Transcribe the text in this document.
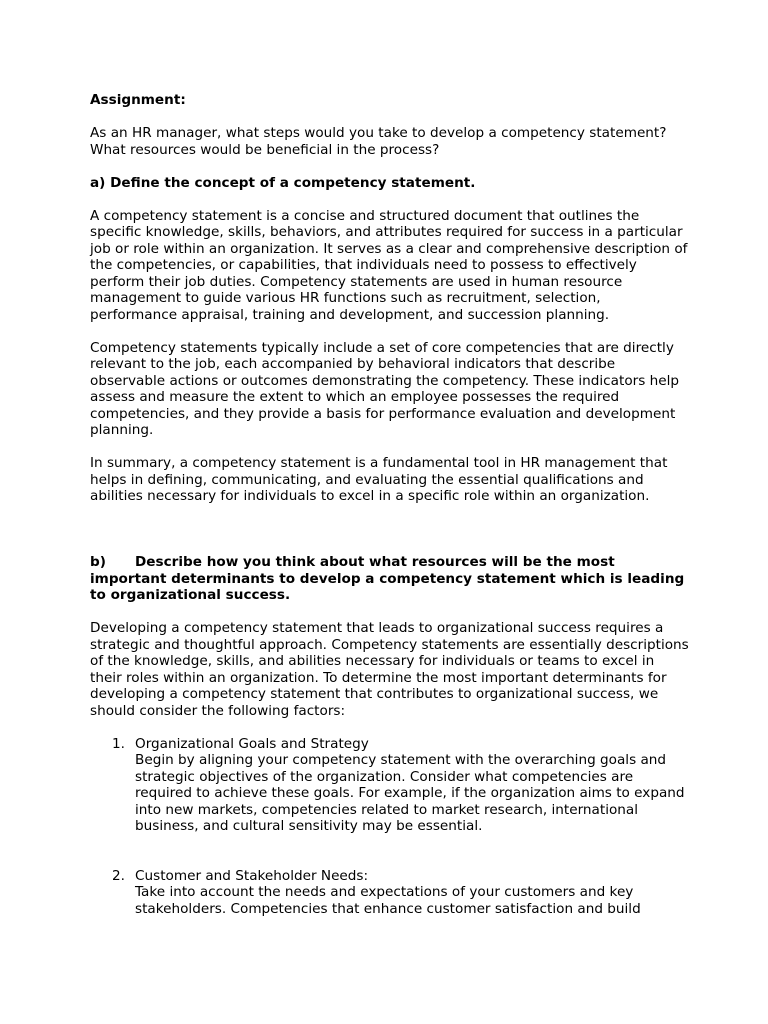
Assignment:

As an HR manager, what steps would you take to develop a competency statement? What resources would be beneficial in the process?

a) Define the concept of a competency statement.

A competency statement is a concise and structured document that outlines the specific knowledge, skills, behaviors, and attributes required for success in a particular job or role within an organization. It serves as a clear and comprehensive description of the competencies, or capabilities, that individuals need to possess to effectively perform their job duties. Competency statements are used in human resource management to guide various HR functions such as recruitment, selection, performance appraisal, training and development, and succession planning.

Competency statements typically include a set of core competencies that are directly relevant to the job, each accompanied by behavioral indicators that describe observable actions or outcomes demonstrating the competency. These indicators help assess and measure the extent to which an employee possesses the required competencies, and they provide a basis for performance evaluation and development planning.

In summary, a competency statement is a fundamental tool in HR management that helps in defining, communicating, and evaluating the essential qualifications and abilities necessary for individuals to excel in a specific role within an organization.

b) Describe how you think about what resources will be the most important determinants to develop a competency statement which is leading to organizational success.

Developing a competency statement that leads to organizational success requires a strategic and thoughtful approach. Competency statements are essentially descriptions of the knowledge, skills, and abilities necessary for individuals or teams to excel in their roles within an organization. To determine the most important determinants for developing a competency statement that contributes to organizational success, we should consider the following factors:

1. Organizational Goals and Strategy

Begin by aligning your competency statement with the overarching goals and strategic objectives of the organization. Consider what competencies are required to achieve these goals. For example, if the organization aims to expand into new markets, competencies related to market research, international business, and cultural sensitivity may be essential.

2. Customer and Stakeholder Needs:

Take into account the needs and expectations of your customers and key stakeholders. Competencies that enhance customer satisfaction and build
